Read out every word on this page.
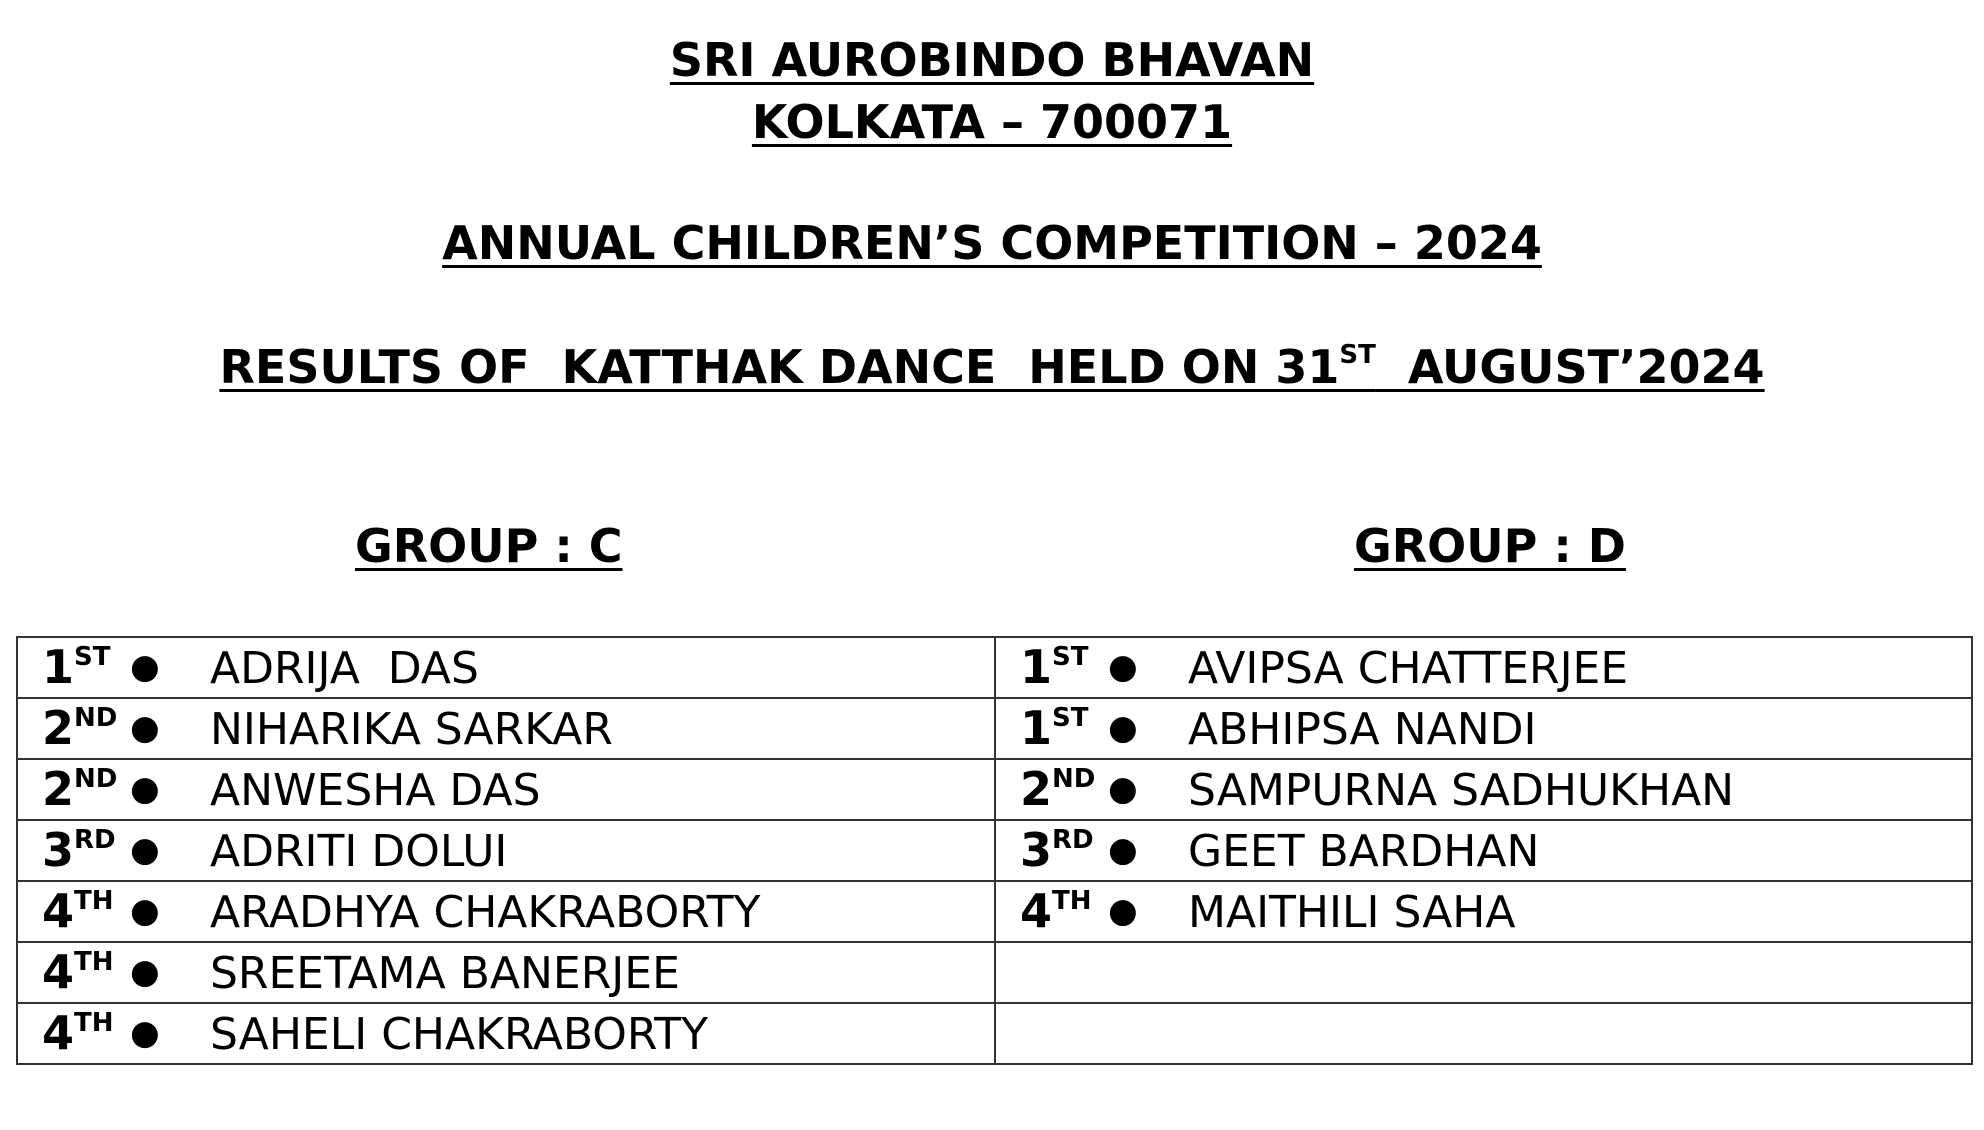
SRI AUROBINDO BHAVAN
KOLKATA – 700071
ANNUAL CHILDREN’S COMPETITION – 2024
RESULTS OF  KATTHAK DANCE  HELD ON 31ST  AUGUST’2024
GROUP : C	GROUP : D
1ST ● ADRIJA  DAS	1ST ● AVIPSA CHATTERJEE

2ND ● NIHARIKA SARKAR	1ST ● ABHIPSA NANDI

2ND ● ANWESHA DAS	2ND ● SAMPURNA SADHUKHAN

3RD ● ADRITI DOLUI	3RD ● GEET BARDHAN

4TH ● ARADHYA CHAKRABORTY	4TH ● MAITHILI SAHA

4TH ● SREETAMA BANERJEE	

4TH ● SAHELI CHAKRABORTY	
